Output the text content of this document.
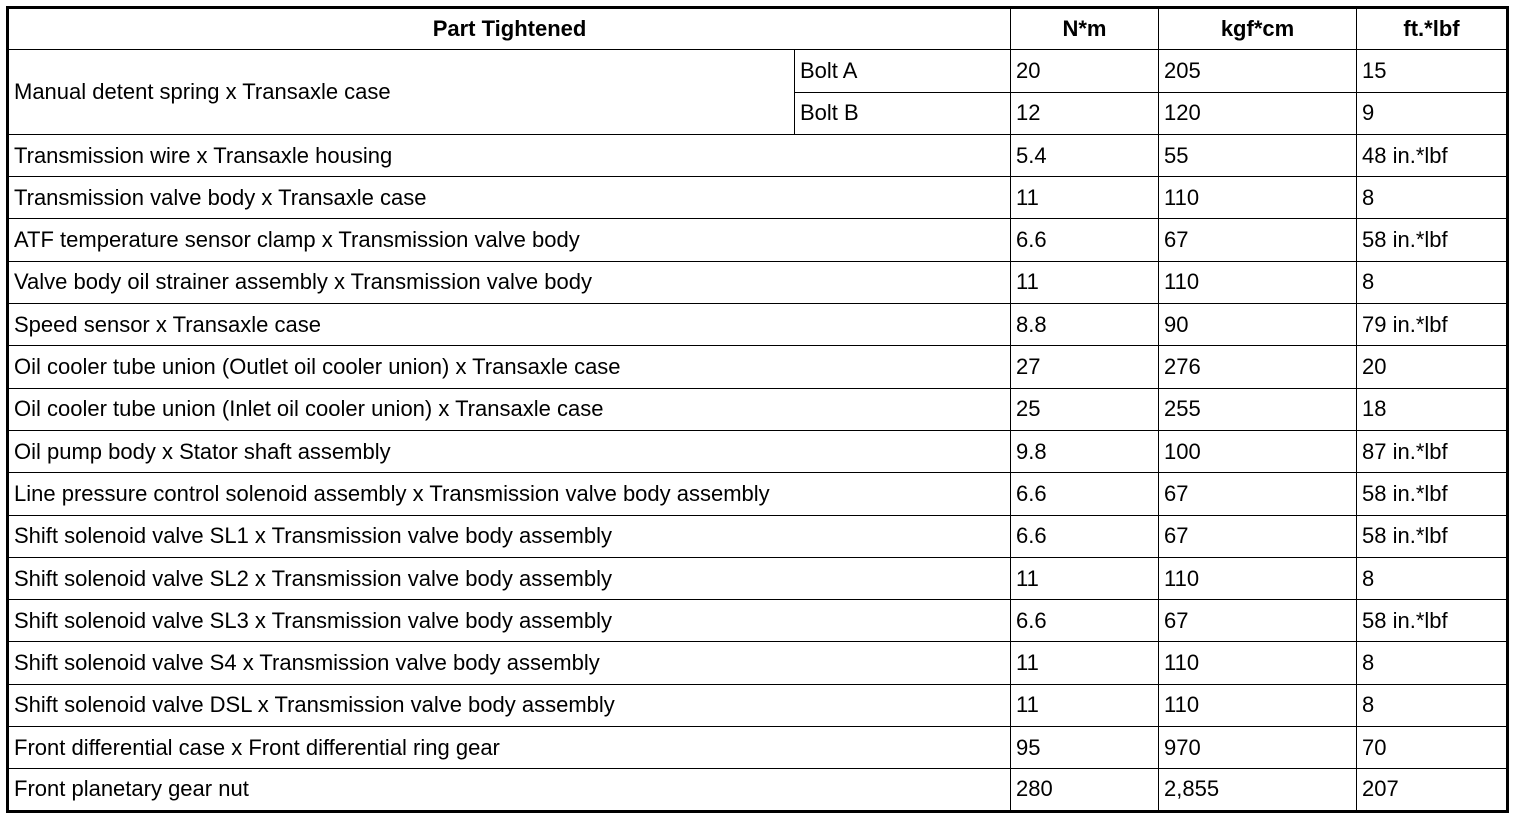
Part Tightened		N*m	kgf*cm	ft.*lbf
Manual detent spring x Transaxle case	Bolt A	20	205	15
	Bolt B	12	120	9
Transmission wire x Transaxle housing		5.4	55	48 in.*lbf
Transmission valve body x Transaxle case		11	110	8
ATF temperature sensor clamp x Transmission valve body		6.6	67	58 in.*lbf
Valve body oil strainer assembly x Transmission valve body		11	110	8
Speed sensor x Transaxle case		8.8	90	79 in.*lbf
Oil cooler tube union (Outlet oil cooler union) x Transaxle case		27	276	20
Oil cooler tube union (Inlet oil cooler union) x Transaxle case		25	255	18
Oil pump body x Stator shaft assembly		9.8	100	87 in.*lbf
Line pressure control solenoid assembly x Transmission valve body assembly		6.6	67	58 in.*lbf
Shift solenoid valve SL1 x Transmission valve body assembly		6.6	67	58 in.*lbf
Shift solenoid valve SL2 x Transmission valve body assembly		11	110	8
Shift solenoid valve SL3 x Transmission valve body assembly		6.6	67	58 in.*lbf
Shift solenoid valve S4 x Transmission valve body assembly		11	110	8
Shift solenoid valve DSL x Transmission valve body assembly		11	110	8
Front differential case x Front differential ring gear		95	970	70
Front planetary gear nut		280	2,855	207
